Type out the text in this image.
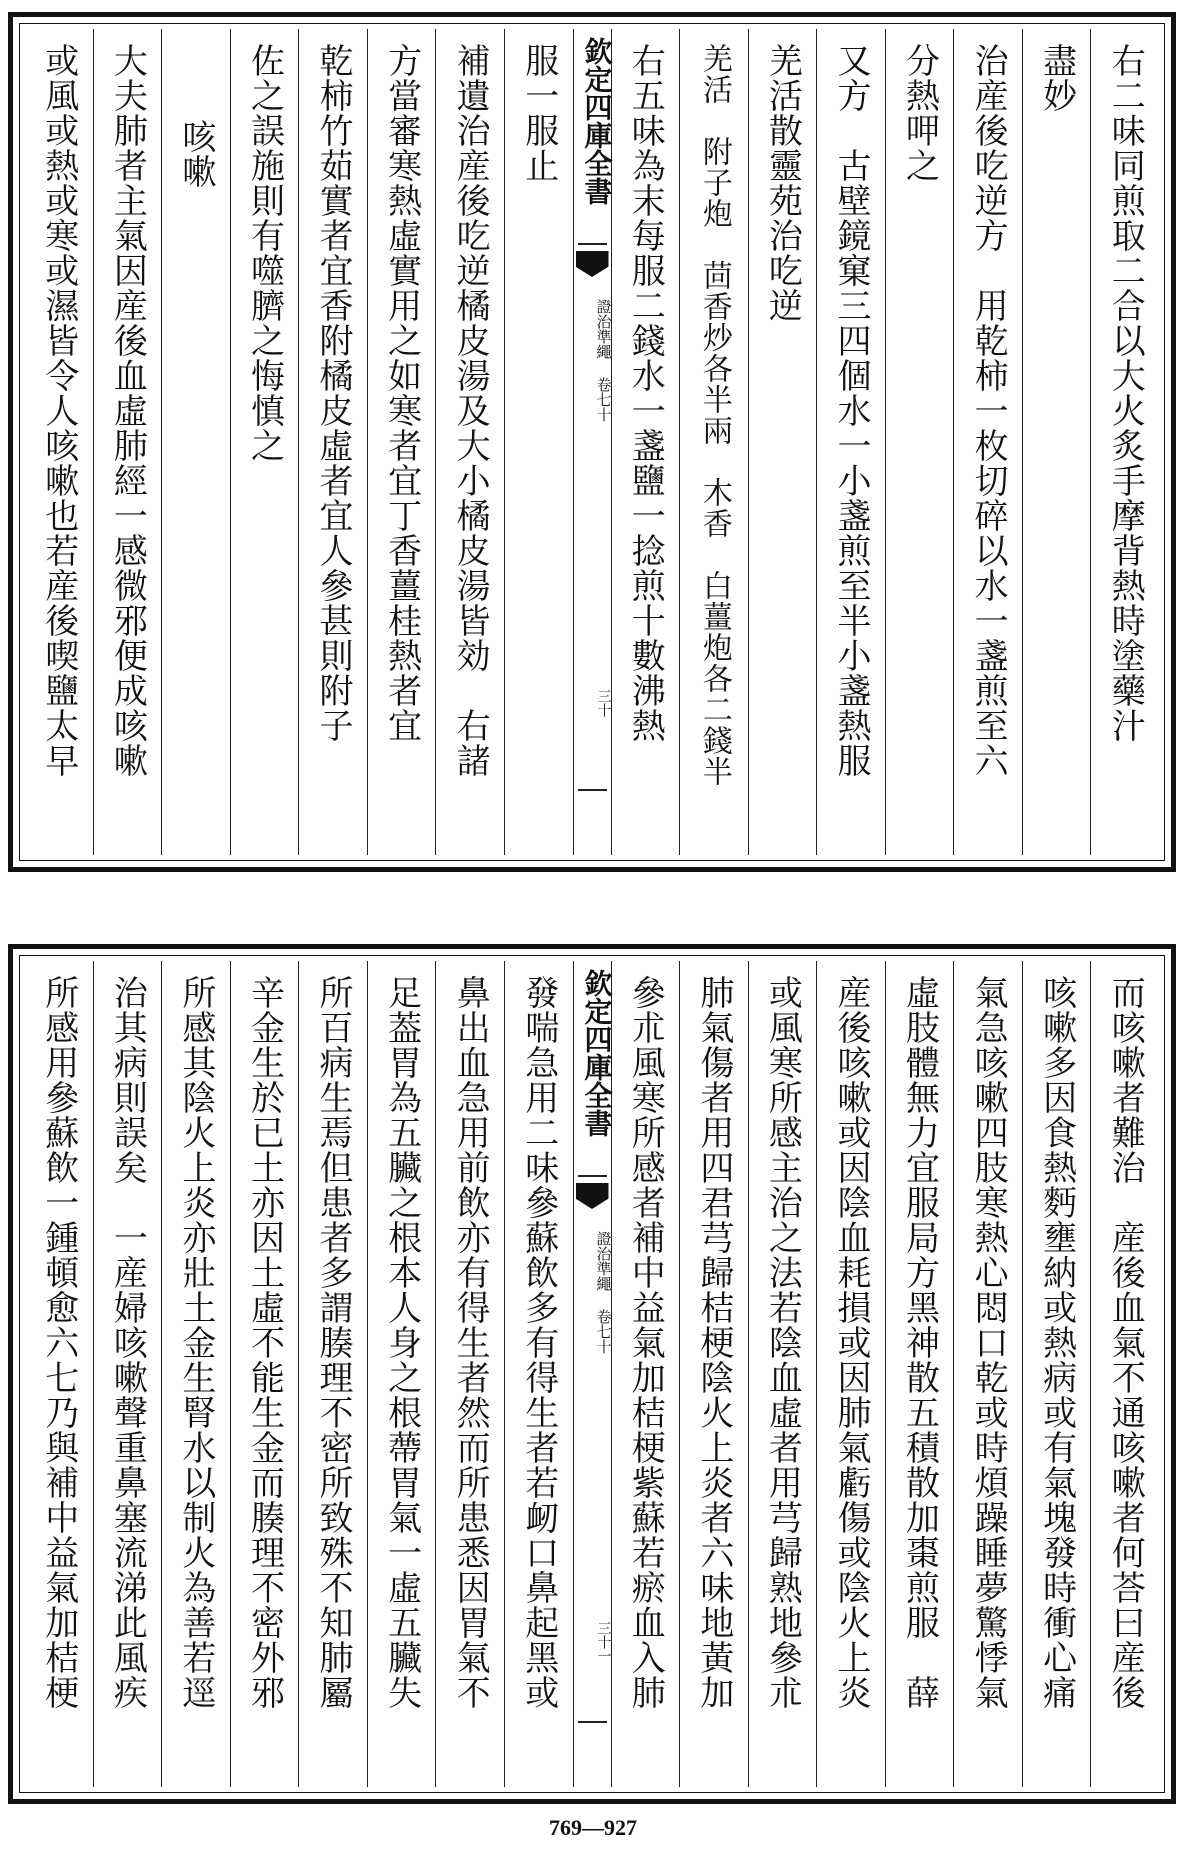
右二味同煎取二合以大火炙手摩背熱時塗藥汁
盡妙
治産後吃逆方　用乾柿一枚切碎以水一盞煎至六
分熱呷之
又方　古壁鏡窠三四個水一小盞煎至半小盞熱服
羌活散靈苑治吃逆
羌活　附子炮　茴香炒各半兩　木香　白薑炮各二錢半
右五味為末每服二錢水一盞鹽一捻煎十數沸熱
欽定四庫全書
證治準繩 卷七十
三十
服一服止
補遺治産後吃逆橘皮湯及大小橘皮湯皆効　右諸
方當審寒熱虛實用之如寒者宜丁香薑桂熱者宜
乾柿竹茹實者宜香附橘皮虛者宜人參甚則附子
佐之誤施則有噬臍之悔慎之
咳嗽
大夫肺者主氣因産後血虛肺經一感微邪便成咳嗽
或風或熱或寒或濕皆令人咳嗽也若産後喫鹽太早
而咳嗽者難治　産後血氣不通咳嗽者何荅曰産後
咳嗽多因食熱麪壅納或熱病或有氣塊發時衝心痛
氣急咳嗽四肢寒熱心悶口乾或時煩躁睡夢驚悸氣
虛肢體無力宜服局方黑神散五積散加棗煎服　薛
産後咳嗽或因陰血耗損或因肺氣虧傷或陰火上炎
或風寒所感主治之法若陰血虛者用芎歸熟地參朮
肺氣傷者用四君芎歸桔梗陰火上炎者六味地黃加
參朮風寒所感者補中益氣加桔梗紫蘇若瘀血入肺
欽定四庫全書
證治準繩 卷七十
三十一
發喘急用二味參蘇飲多有得生者若衂口鼻起黑或
鼻出血急用前飲亦有得生者然而所患悉因胃氣不
足葢胃為五臟之根本人身之根蔕胃氣一虛五臟失
所百病生焉但患者多謂腠理不密所致殊不知肺屬
辛金生於已土亦因土虛不能生金而腠理不密外邪
所感其陰火上炎亦壯土金生腎水以制火為善若逕
治其病則誤矣　一産婦咳嗽聲重鼻塞流涕此風疾
所感用參蘇飲一鍾頓愈六七乃與補中益氣加桔梗
769—927
